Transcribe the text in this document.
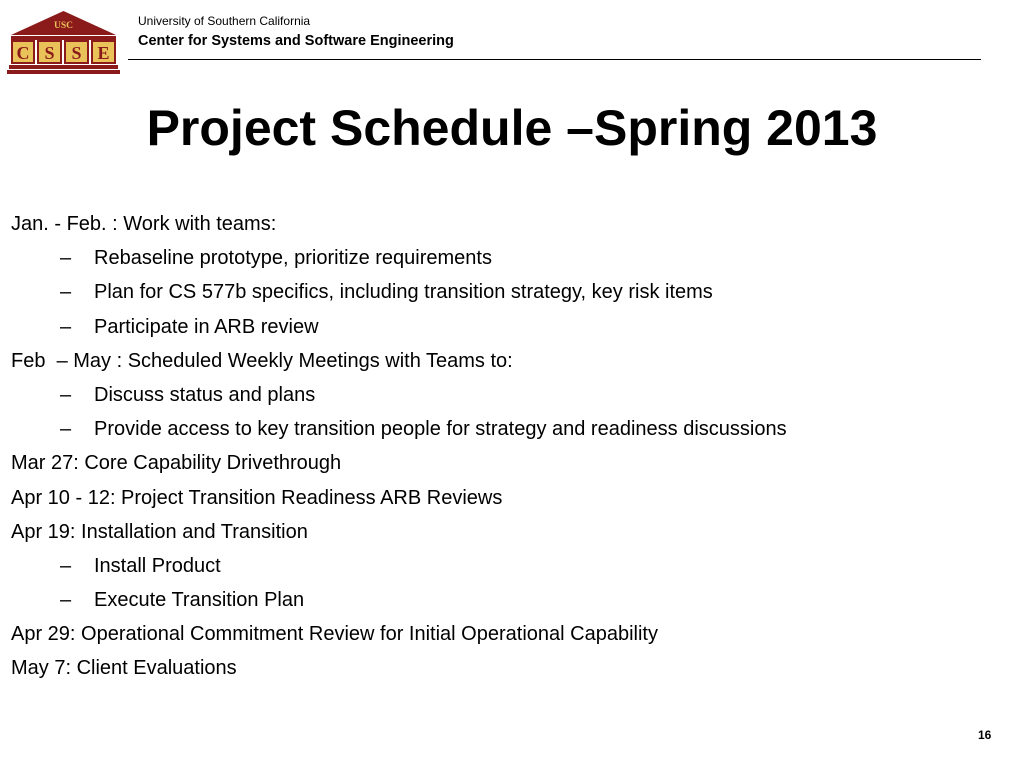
USC
C S S E
University of Southern California
Center for Systems and Software Engineering
Project Schedule –Spring 2013
Jan. - Feb. : Work with teams:
– Rebaseline prototype, prioritize requirements
– Plan for CS 577b specifics, including transition strategy, key risk items
– Participate in ARB review
Feb  – May : Scheduled Weekly Meetings with Teams to:
– Discuss status and plans
– Provide access to key transition people for strategy and readiness discussions
Mar 27: Core Capability Drivethrough
Apr 10 - 12: Project Transition Readiness ARB Reviews
Apr 19: Installation and Transition
– Install Product
– Execute Transition Plan
Apr 29: Operational Commitment Review for Initial Operational Capability
May 7: Client Evaluations
16
